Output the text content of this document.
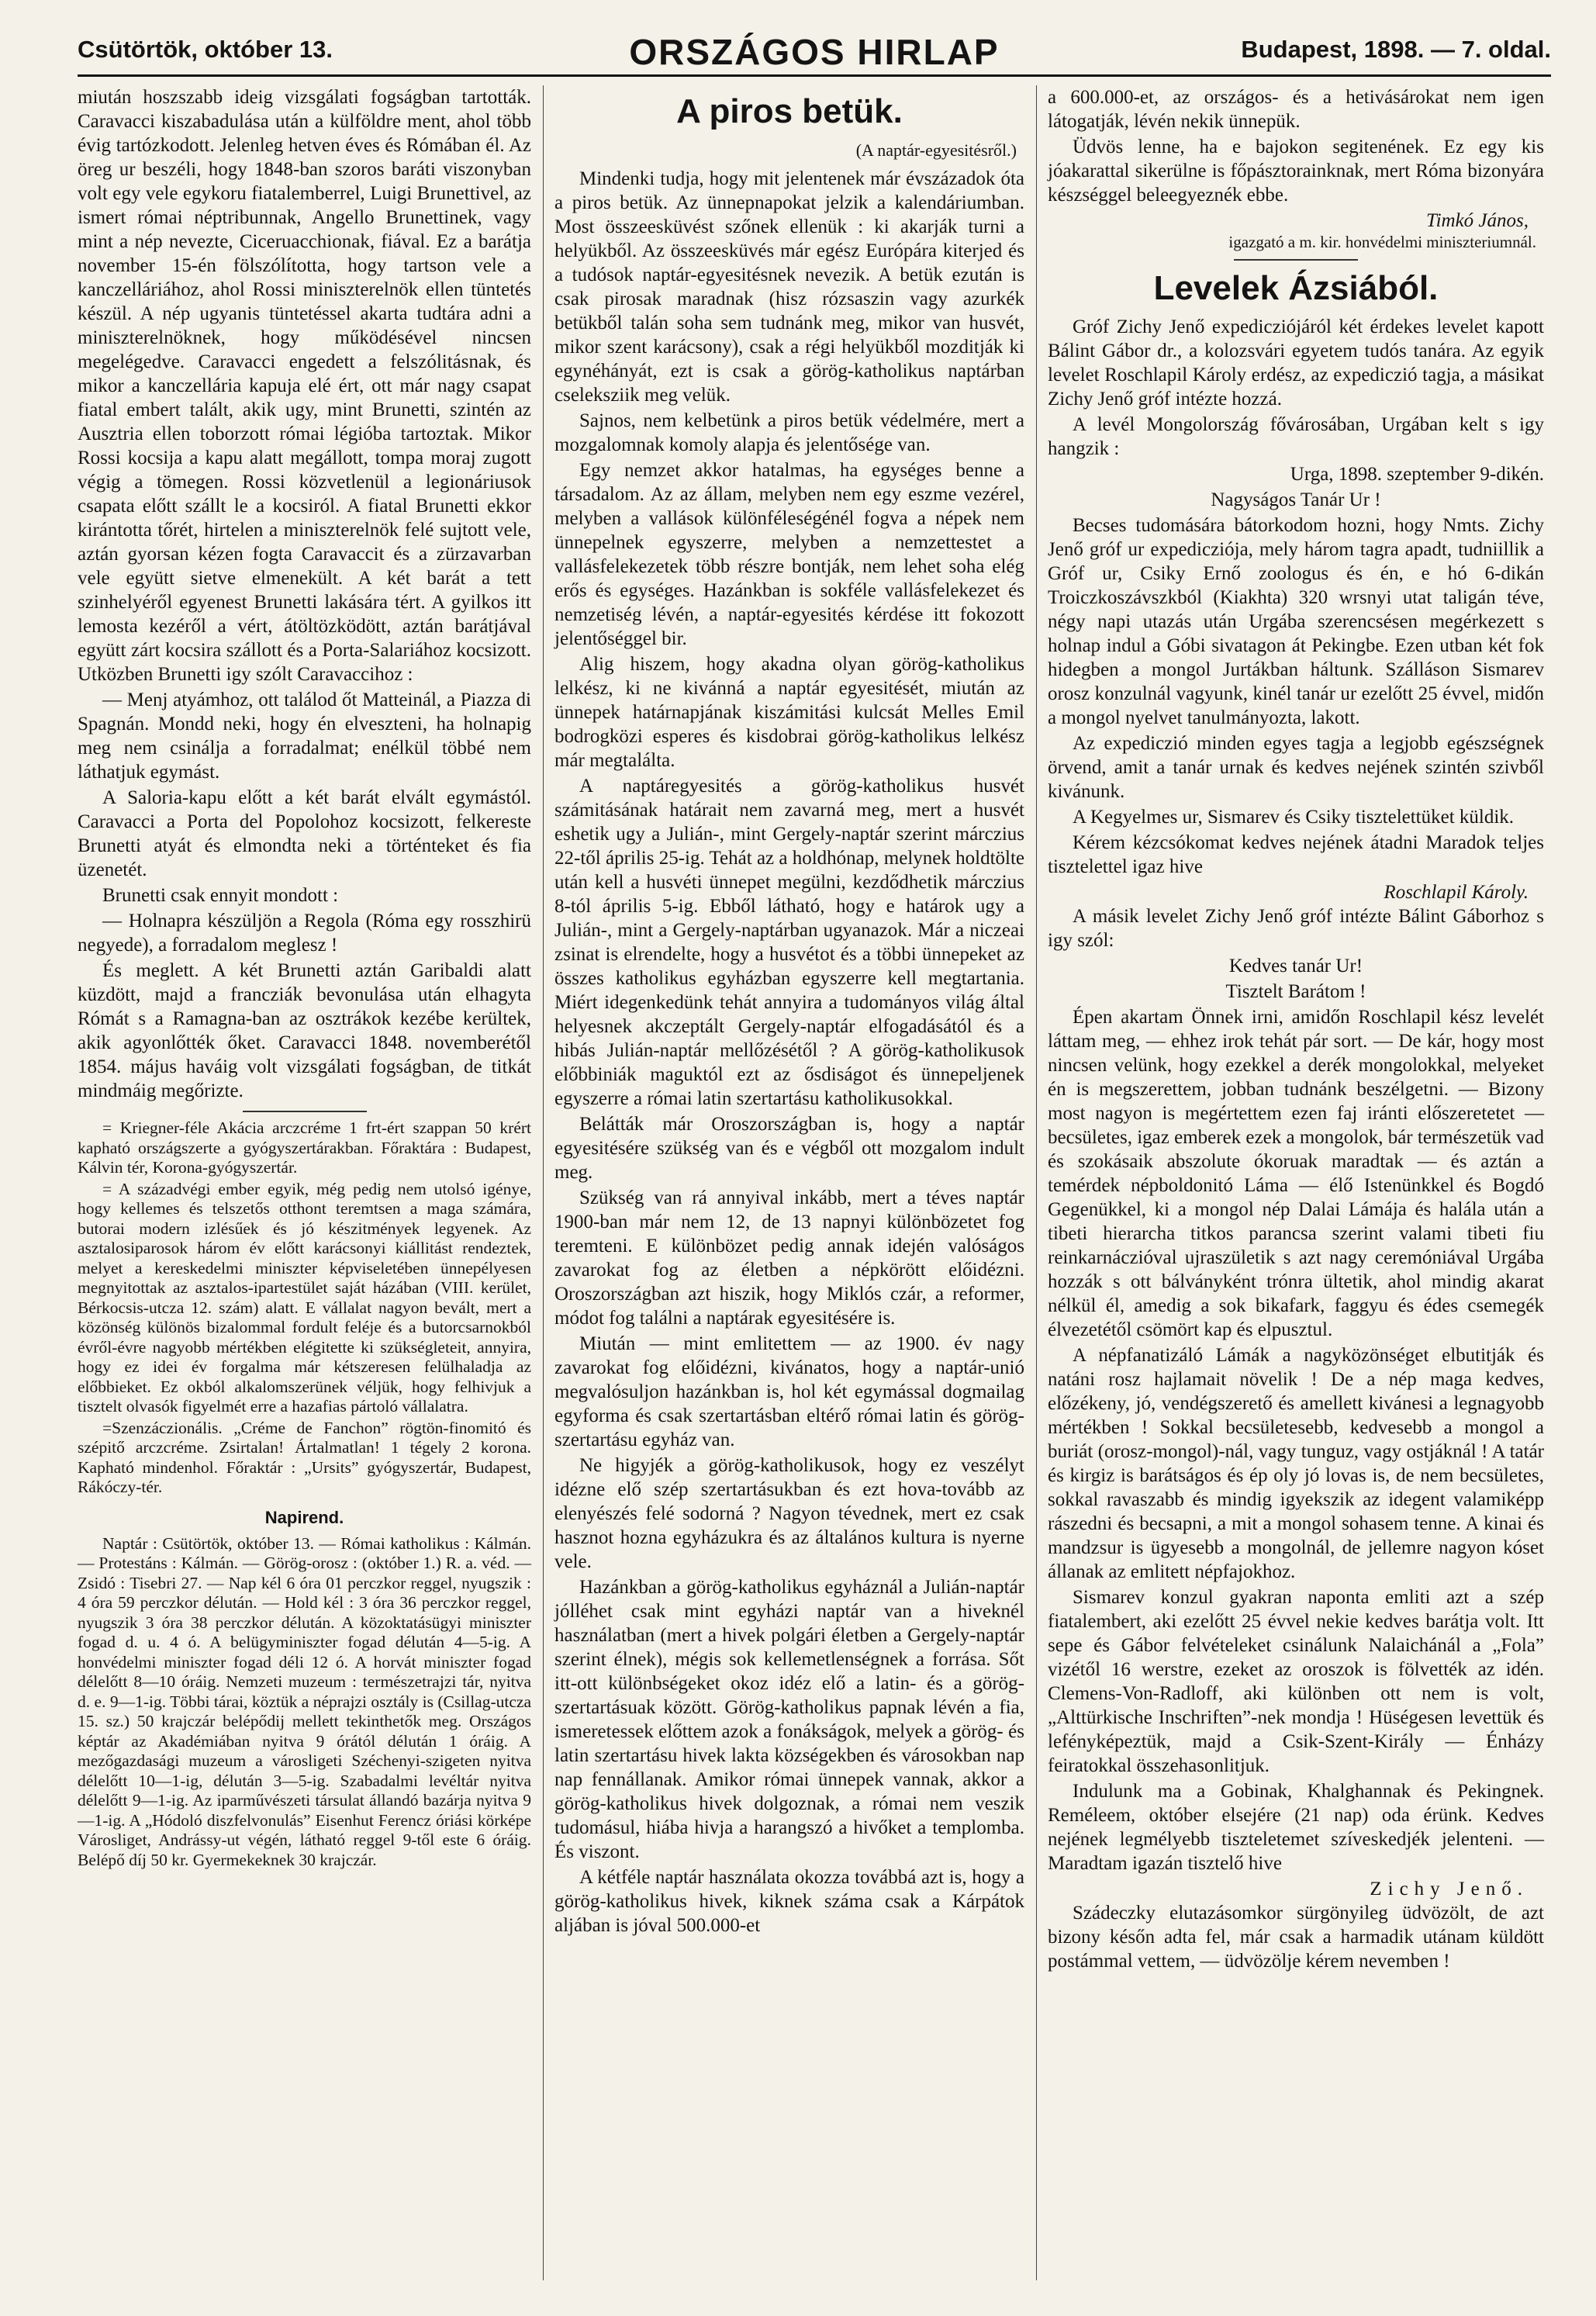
Csütörtök, október 13.	ORSZÁGOS HIRLAP	Budapest, 1898. — 7. oldal.

miután hoszszabb ideig vizsgálati fogságban tartották. Caravacci kiszabadulása után a külföldre ment, ahol több évig tartózkodott. Jelenleg hetven éves és Rómában él. Az öreg ur beszéli, hogy 1848-ban szoros baráti viszonyban volt egy vele egykoru fiatalemberrel, Luigi Brunettivel, az ismert római néptribunnak, Angello Brunettinek, vagy mint a nép nevezte, Ciceruacchionak, fiával. Ez a barátja november 15-én fölszólította, hogy tartson vele a kanczelláriához, ahol Rossi miniszterelnök ellen tüntetés készül. A nép ugyanis tüntetéssel akarta tudtára adni a miniszterelnöknek, hogy működésével nincsen megelégedve. Caravacci engedett a felszólitásnak, és mikor a kanczellária kapuja elé ért, ott már nagy csapat fiatal embert talált, akik ugy, mint Brunetti, szintén az Ausztria ellen toborzott római légióba tartoztak. Mikor Rossi kocsija a kapu alatt megállott, tompa moraj zugott végig a tömegen. Rossi közvetlenül a legionáriusok csapata előtt szállt le a kocsiról. A fiatal Brunetti ekkor kirántotta tőrét, hirtelen a miniszterelnök felé sujtott vele, aztán gyorsan kézen fogta Caravaccit és a zürzavarban vele együtt sietve elmenekült. A két barát a tett szinhelyéről egyenest Brunetti lakására tért. A gyilkos itt lemosta kezéről a vért, átöltözködött, aztán barátjával együtt zárt kocsira szállott és a Porta-Salariához kocsizott. Utközben Brunetti igy szólt Caravaccihoz :

— Menj atyámhoz, ott találod őt Matteinál, a Piazza di Spagnán. Mondd neki, hogy én elveszteni, ha holnapig meg nem csinálja a forradalmat; enélkül többé nem láthatjuk egymást.

A Saloria-kapu előtt a két barát elvált egymástól. Caravacci a Porta del Popolohoz kocsizott, felkereste Brunetti atyát és elmondta neki a történteket és fia üzenetét.

Brunetti csak ennyit mondott :

— Holnapra készüljön a Regola (Róma egy rosszhirü negyede), a forradalom meglesz !

És meglett. A két Brunetti aztán Garibaldi alatt küzdött, majd a francziák bevonulása után elhagyta Rómát s a Ramagna-ban az osztrákok kezébe kerültek, akik agyonlőtték őket. Caravacci 1848. novemberétől 1854. május haváig volt vizsgálati fogságban, de titkát mindmáig megőrizte.

= Kriegner-féle Akácia arczcréme 1 frt-ért szappan 50 krért kapható országszerte a gyógyszertárakban. Főraktára : Budapest, Kálvin tér, Korona-gyógyszertár.

= A századvégi ember egyik, még pedig nem utolsó igénye, hogy kellemes és telszetős otthont teremtsen a maga számára, butorai modern izlésűek és jó készitmények legyenek. Az asztalosiparosok három év előtt karácsonyi kiállitást rendeztek, melyet a kereskedelmi miniszter képviseletében ünnepélyesen megnyitottak az asztalos-ipartestület saját házában (VIII. kerület, Bérkocsis-utcza 12. szám) alatt. E vállalat nagyon bevált, mert a közönség különös bizalommal fordult feléje és a butorcsarnokból évről-évre nagyobb mértékben elégitette ki szükségleteit, annyira, hogy ez idei év forgalma már kétszeresen felülhaladja az előbbieket. Ez okból alkalomszerünek véljük, hogy felhivjuk a tisztelt olvasók figyelmét erre a hazafias pártoló vállalatra.

=Szenzáczionális. „Créme de Fanchon” rögtön-finomitó és szépitő arczcréme. Zsirtalan! Ártalmatlan! 1 tégely 2 korona. Kapható mindenhol. Főraktár : „Ursits” gyógyszertár, Budapest, Rákóczy-tér.

Napirend.

Naptár : Csütörtök, október 13. — Római katholikus : Kálmán. — Protestáns : Kálmán. — Görög-orosz : (október 1.) R. a. véd. — Zsidó : Tisebri 27. — Nap kél 6 óra 01 perczkor reggel, nyugszik : 4 óra 59 perczkor délután. — Hold kél : 3 óra 36 perczkor reggel, nyugszik 3 óra 38 perczkor délután. A közoktatásügyi miniszter fogad d. u. 4 ó. A belügyminiszter fogad délután 4—5-ig. A honvédelmi miniszter fogad déli 12 ó. A horvát miniszter fogad délelőtt 8—10 óráig. Nemzeti muzeum : természetrajzi tár, nyitva d. e. 9—1-ig. Többi tárai, köztük a néprajzi osztály is (Csillag-utcza 15. sz.) 50 krajczár belépődij mellett tekinthetők meg. Országos képtár az Akadémiában nyitva 9 órától délután 1 óráig. A mezőgazdasági muzeum a városligeti Széchenyi-szigeten nyitva délelőtt 10—1-ig, délután 3—5-ig. Szabadalmi levéltár nyitva délelőtt 9—1-ig. Az iparművészeti társulat állandó bazárja nyitva 9—1-ig. A „Hódoló diszfelvonulás” Eisenhut Ferencz óriási körképe Városliget, Andrássy-ut végén, látható reggel 9-től este 6 óráig. Belépő díj 50 kr. Gyermekeknek 30 krajczár.

A piros betük.
(A naptár-egyesitésről.)

Mindenki tudja, hogy mit jelentenek már évszázadok óta a piros betük. Az ünnepnapokat jelzik a kalendáriumban. Most összeesküvést szőnek ellenük : ki akarják turni a helyükből. Az összeesküvés már egész Európára kiterjed és a tudósok naptár-egyesitésnek nevezik. A betük ezután is csak pirosak maradnak (hisz rózsaszin vagy azurkék betükből talán soha sem tudnánk meg, mikor van husvét, mikor szent karácsony), csak a régi helyükből mozditják ki egynéhányát, ezt is csak a görög-katholikus naptárban cseleksziik meg velük.

Sajnos, nem kelbetünk a piros betük védelmére, mert a mozgalomnak komoly alapja és jelentősége van.

Egy nemzet akkor hatalmas, ha egységes benne a társadalom. Az az állam, melyben nem egy eszme vezérel, melyben a vallások különféleségénél fogva a népek nem ünnepelnek egyszerre, melyben a nemzettestet a vallásfelekezetek több részre bontják, nem lehet soha elég erős és egységes. Hazánkban is sokféle vallásfelekezet és nemzetiség lévén, a naptár-egyesités kérdése itt fokozott jelentőséggel bir.

Alig hiszem, hogy akadna olyan görög-katholikus lelkész, ki ne kivánná a naptár egyesitését, miután az ünnepek határnapjának kiszámitási kulcsát Melles Emil bodrogközi esperes és kisdobrai görög-katholikus lelkész már megtalálta.

A naptáregyesités a görög-katholikus husvét számitásának határait nem zavarná meg, mert a husvét eshetik ugy a Julián-, mint Gergely-naptár szerint márczius 22-től április 25-ig. Tehát az a holdhónap, melynek holdtölte után kell a husvéti ünnepet megülni, kezdődhetik márczius 8-tól április 5-ig. Ebből látható, hogy e határok ugy a Julián-, mint a Gergely-naptárban ugyanazok. Már a niczeai zsinat is elrendelte, hogy a husvétot és a többi ünnepeket az összes katholikus egyházban egyszerre kell megtartania. Miért idegenkedünk tehát annyira a tudományos világ által helyesnek akczeptált Gergely-naptár elfogadásától és a hibás Julián-naptár mellőzésétől ? A görög-katholikusok előbbiniák maguktól ezt az ősdiságot és ünnepeljenek egyszerre a római latin szertartásu katholikusokkal.

Belátták már Oroszországban is, hogy a naptár egyesitésére szükség van és e végből ott mozgalom indult meg.

Szükség van rá annyival inkább, mert a téves naptár 1900-ban már nem 12, de 13 napnyi különbözetet fog teremteni. E különbözet pedig annak idején valóságos zavarokat fog az életben a népkörött előidézni. Oroszországban azt hiszik, hogy Miklós czár, a reformer, módot fog találni a naptárak egyesitésére is.

Miután — mint emlitettem — az 1900. év nagy zavarokat fog előidézni, kivánatos, hogy a naptár-unió megvalósuljon hazánkban is, hol két egymással dogmailag egyforma és csak szertartásban eltérő római latin és görög-szertartásu egyház van.

Ne higyjék a görög-katholikusok, hogy ez veszélyt idézne elő szép szertartásukban és ezt hova-tovább az elenyészés felé sodorná ? Nagyon tévednek, mert ez csak hasznot hozna egyházukra és az általános kultura is nyerne vele.

Hazánkban a görög-katholikus egyháznál a Julián-naptár jólléhet csak mint egyházi naptár van a hiveknél használatban (mert a hivek polgári életben a Gergely-naptár szerint élnek), mégis sok kellemetlenségnek a forrása. Sőt itt-ott különbségeket okoz idéz elő a latin- és a görög-szertartásuak között. Görög-katholikus papnak lévén a fia, ismeretessek előttem azok a fonákságok, melyek a görög- és latin szertartásu hivek lakta községekben és városokban nap nap fennállanak. Amikor római ünnepek vannak, akkor a görög-katholikus hivek dolgoznak, a római nem veszik tudomásul, hiába hivja a harangszó a hivőket a templomba. És viszont.

A kétféle naptár használata okozza továbbá azt is, hogy a görög-katholikus hivek, kiknek száma csak a Kárpátok aljában is jóval 500.000-et

a 600.000-et, az országos- és a hetivásárokat nem igen látogatják, lévén nekik ünnepük.

Üdvös lenne, ha e bajokon segitenének. Ez egy kis jóakarattal sikerülne is főpásztorainknak, mert Róma bizonyára készséggel beleegyeznék ebbe.

Timkó János,
igazgató a m. kir. honvédelmi miniszteriumnál.
Levelek Ázsiából.

Gróf Zichy Jenő expedicziójáról két érdekes levelet kapott Bálint Gábor dr., a kolozsvári egyetem tudós tanára. Az egyik levelet Roschlapil Károly erdész, az expediczió tagja, a másikat Zichy Jenő gróf intézte hozzá.

A levél Mongolország fővárosában, Urgában kelt s igy hangzik :

Urga, 1898. szeptember 9-dikén.

Nagyságos Tanár Ur !

Becses tudomására bátorkodom hozni, hogy Nmts. Zichy Jenő gróf ur expedicziója, mely három tagra apadt, tudniillik a Gróf ur, Csiky Ernő zoologus és én, e hó 6-dikán Troiczkoszávszkból (Kiakhta) 320 wrsnyi utat taligán téve, négy napi utazás után Urgába szerencsésen megérkezett s holnap indul a Góbi sivatagon át Pekingbe. Ezen utban két fok hidegben a mongol Jurtákban háltunk. Szálláson Sismarev orosz konzulnál vagyunk, kinél tanár ur ezelőtt 25 évvel, midőn a mongol nyelvet tanulmányozta, lakott.

Az expediczió minden egyes tagja a legjobb egészségnek örvend, amit a tanár urnak és kedves nejének szintén szivből kivánunk.

A Kegyelmes ur, Sismarev és Csiky tisztelettüket küldik.

Kérem kézcsókomat kedves nejének átadni Maradok teljes tisztelettel igaz hive

Roschlapil Károly.

A másik levelet Zichy Jenő gróf intézte Bálint Gáborhoz s igy szól:

Kedves tanár Ur!

Tisztelt Barátom !

Épen akartam Önnek irni, amidőn Roschlapil kész levelét láttam meg, — ehhez irok tehát pár sort. — De kár, hogy most nincsen velünk, hogy ezekkel a derék mongolokkal, melyeket én is megszerettem, jobban tudnánk beszélgetni. — Bizony most nagyon is megértettem ezen faj iránti előszeretetet — becsületes, igaz emberek ezek a mongolok, bár természetük vad és szokásaik abszolute ókoruak maradtak — és aztán a temérdek népboldonitó Láma — élő Istenünkkel és Bogdó Gegenükkel, ki a mongol nép Dalai Lámája és halála után a tibeti hierarcha titkos parancsa szerint valami tibeti fiu reinkarnáczióval ujraszületik s azt nagy ceremóniával Urgába hozzák s ott bálványként trónra ültetik, ahol mindig akarat nélkül él, amedig a sok bikafark, faggyu és édes csemegék élvezetétől csömört kap és elpusztul.

A népfanatizáló Lámák a nagyközönséget elbutitják és natáni rosz hajlamait növelik ! De a nép maga kedves, előzékeny, jó, vendégszerető és amellett kivánesi a legnagyobb mértékben ! Sokkal becsületesebb, kedvesebb a mongol a buriát (orosz-mongol)-nál, vagy tunguz, vagy ostjáknál ! A tatár és kirgiz is barátságos és ép oly jó lovas is, de nem becsületes, sokkal ravaszabb és mindig igyekszik az idegent valamiképp rászedni és becsapni, a mit a mongol sohasem tenne. A kinai és mandzsur is ügyesebb a mongolnál, de jellemre nagyon kóset állanak az emlitett népfajokhoz.

Sismarev konzul gyakran naponta emliti azt a szép fiatalembert, aki ezelőtt 25 évvel nekie kedves barátja volt. Itt sepe és Gábor felvételeket csinálunk Nalaichánál a „Fola” vizétől 16 werstre, ezeket az oroszok is fölvették az idén. Clemens-Von-Radloff, aki különben ott nem is volt, „Alttürkische Inschriften”-nek mondja ! Hüségesen levettük és lefényképeztük, majd a Csik-Szent-Király — Énházy feiratokkal összehasonlitjuk.

Indulunk ma a Gobinak, Khalghannak és Pekingnek. Reméleem, október elsejére (21 nap) oda érünk. Kedves nejének legmélyebb tiszteletemet szíveskedjék jelenteni. — Maradtam igazán tisztelő hive

Zichy Jenő.

Szádeczky elutazásomkor sürgönyileg üdvözölt, de azt bizony későn adta fel, már csak a harmadik utánam küldött postámmal vettem, — üdvözölje kérem nevemben !
